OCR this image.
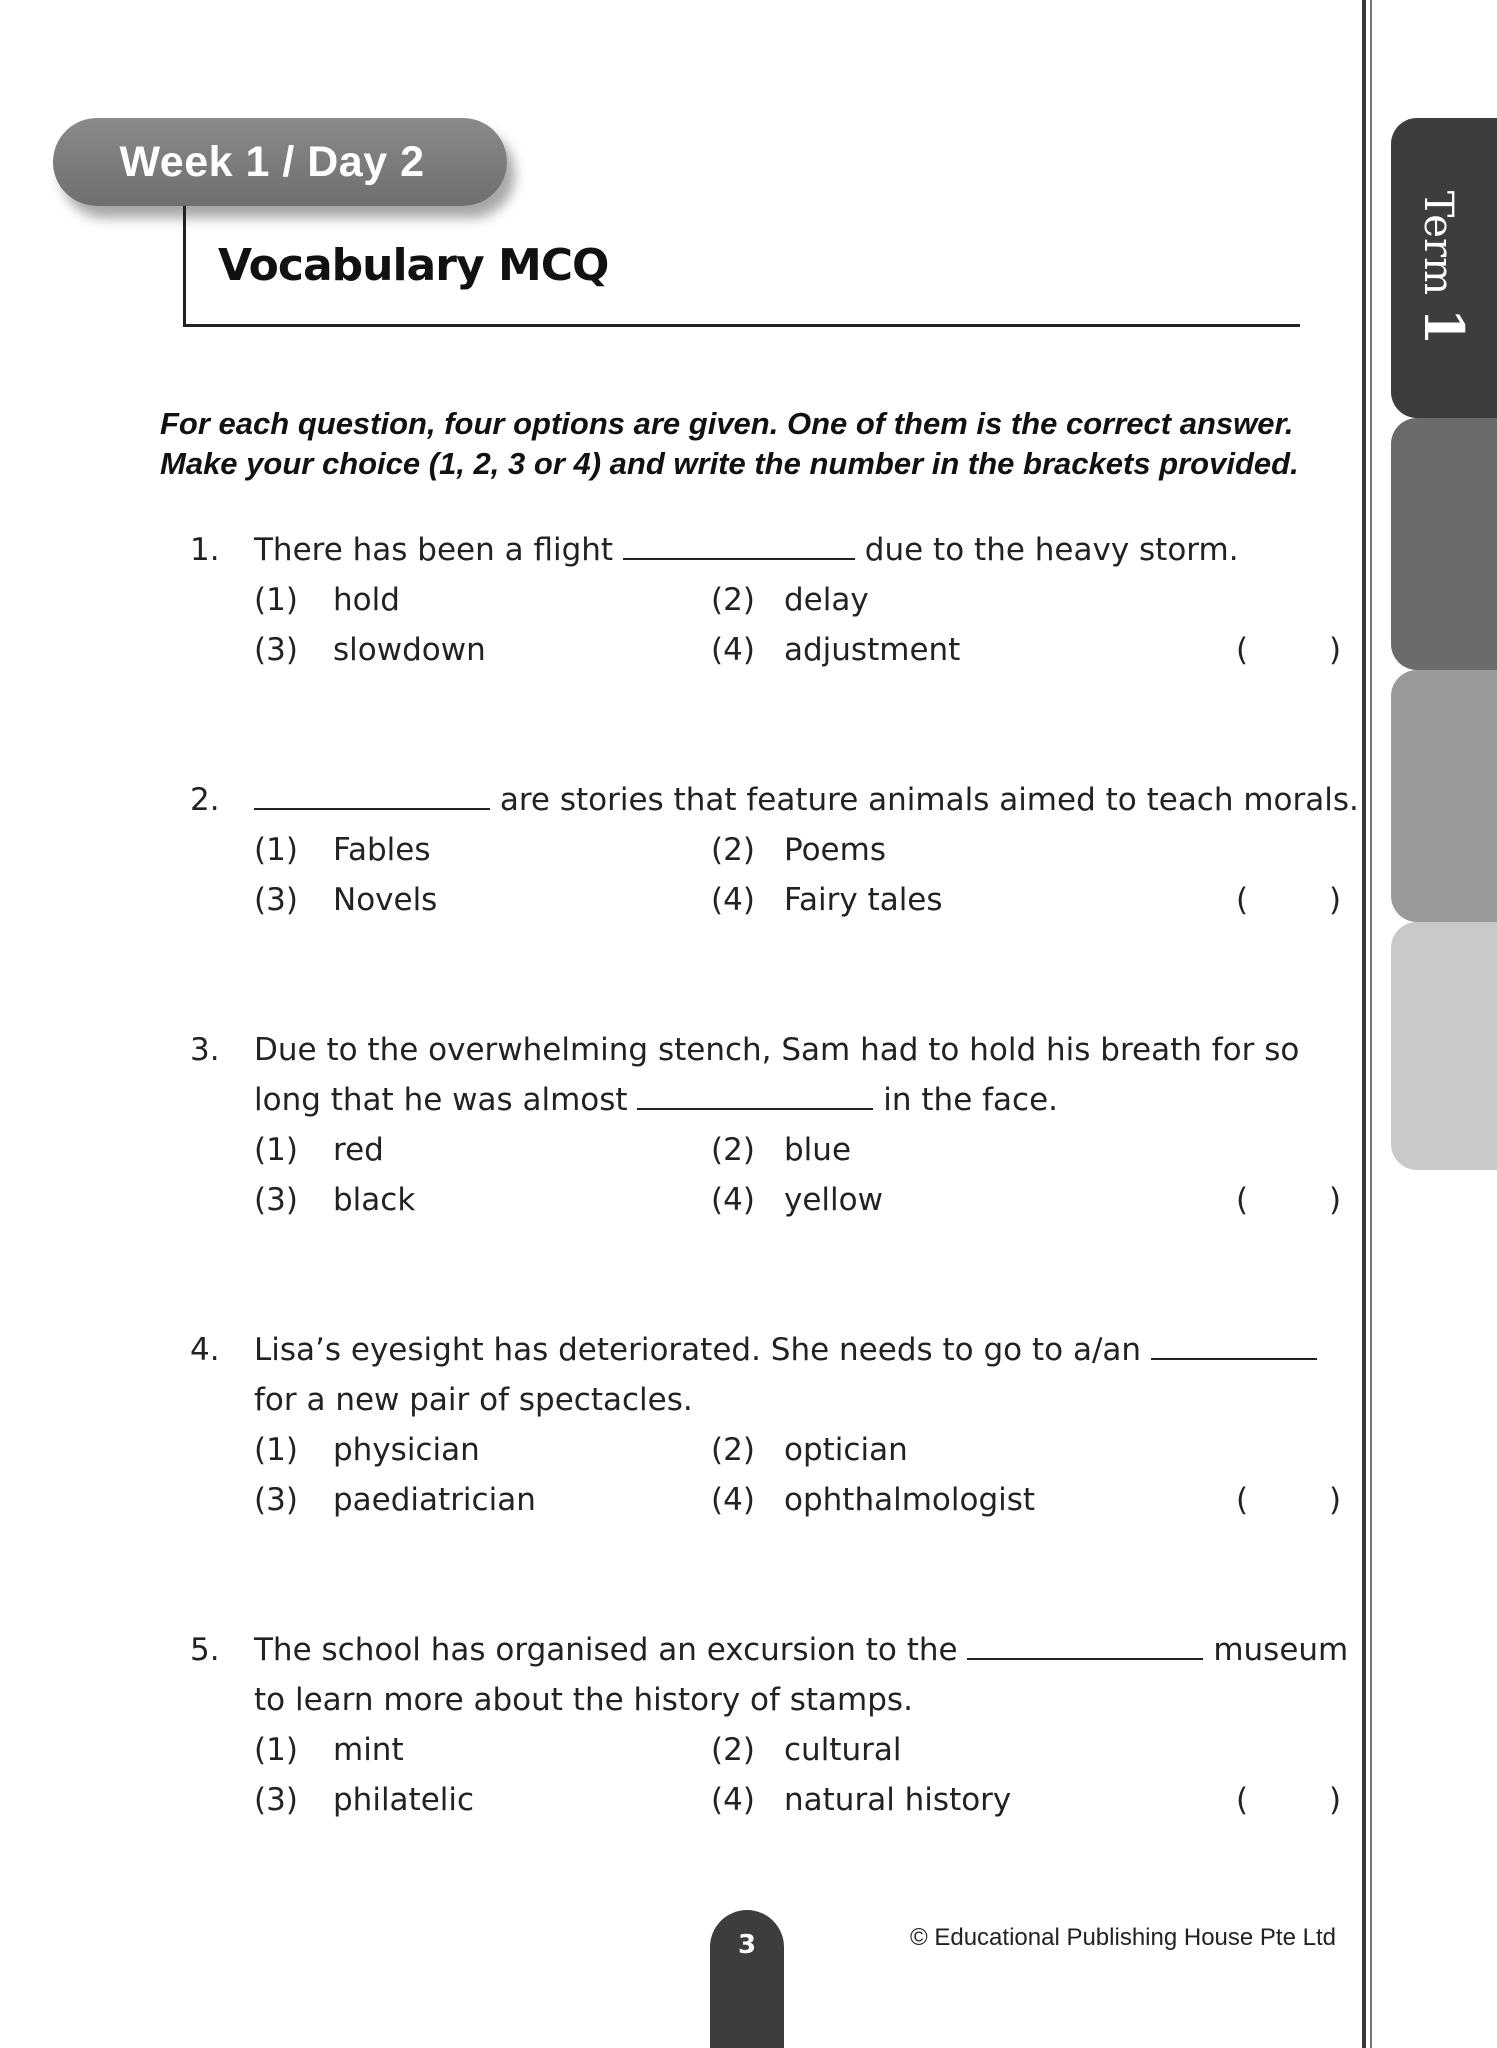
Term 1
Week 1 / Day 2
Vocabulary MCQ
For each question, four options are given. One of them is the correct answer.
Make your choice (1, 2, 3 or 4) and write the number in the brackets provided.
1. There has been a flight	due to the heavy storm.
(1) hold	(2) delay
(3) slowdown	(4) adjustment	(	)
2.	are stories that feature animals aimed to teach morals.
(1) Fables	(2) Poems
(3) Novels	(4) Fairy tales	(	)
3. Due to the overwhelming stench, Sam had to hold his breath for so
long that he was almost	in the face.
(1) red	(2) blue
(3) black	(4) yellow	(	)
4. Lisa’s eyesight has deteriorated. She needs to go to a/an
for a new pair of spectacles.
(1) physician	(2) optician
(3) paediatrician	(4) ophthalmologist	(	)
5. The school has organised an excursion to the	museum
to learn more about the history of stamps.
(1) mint	(2) cultural
(3) philatelic	(4) natural history	(	)
3	© Educational Publishing House Pte Ltd
